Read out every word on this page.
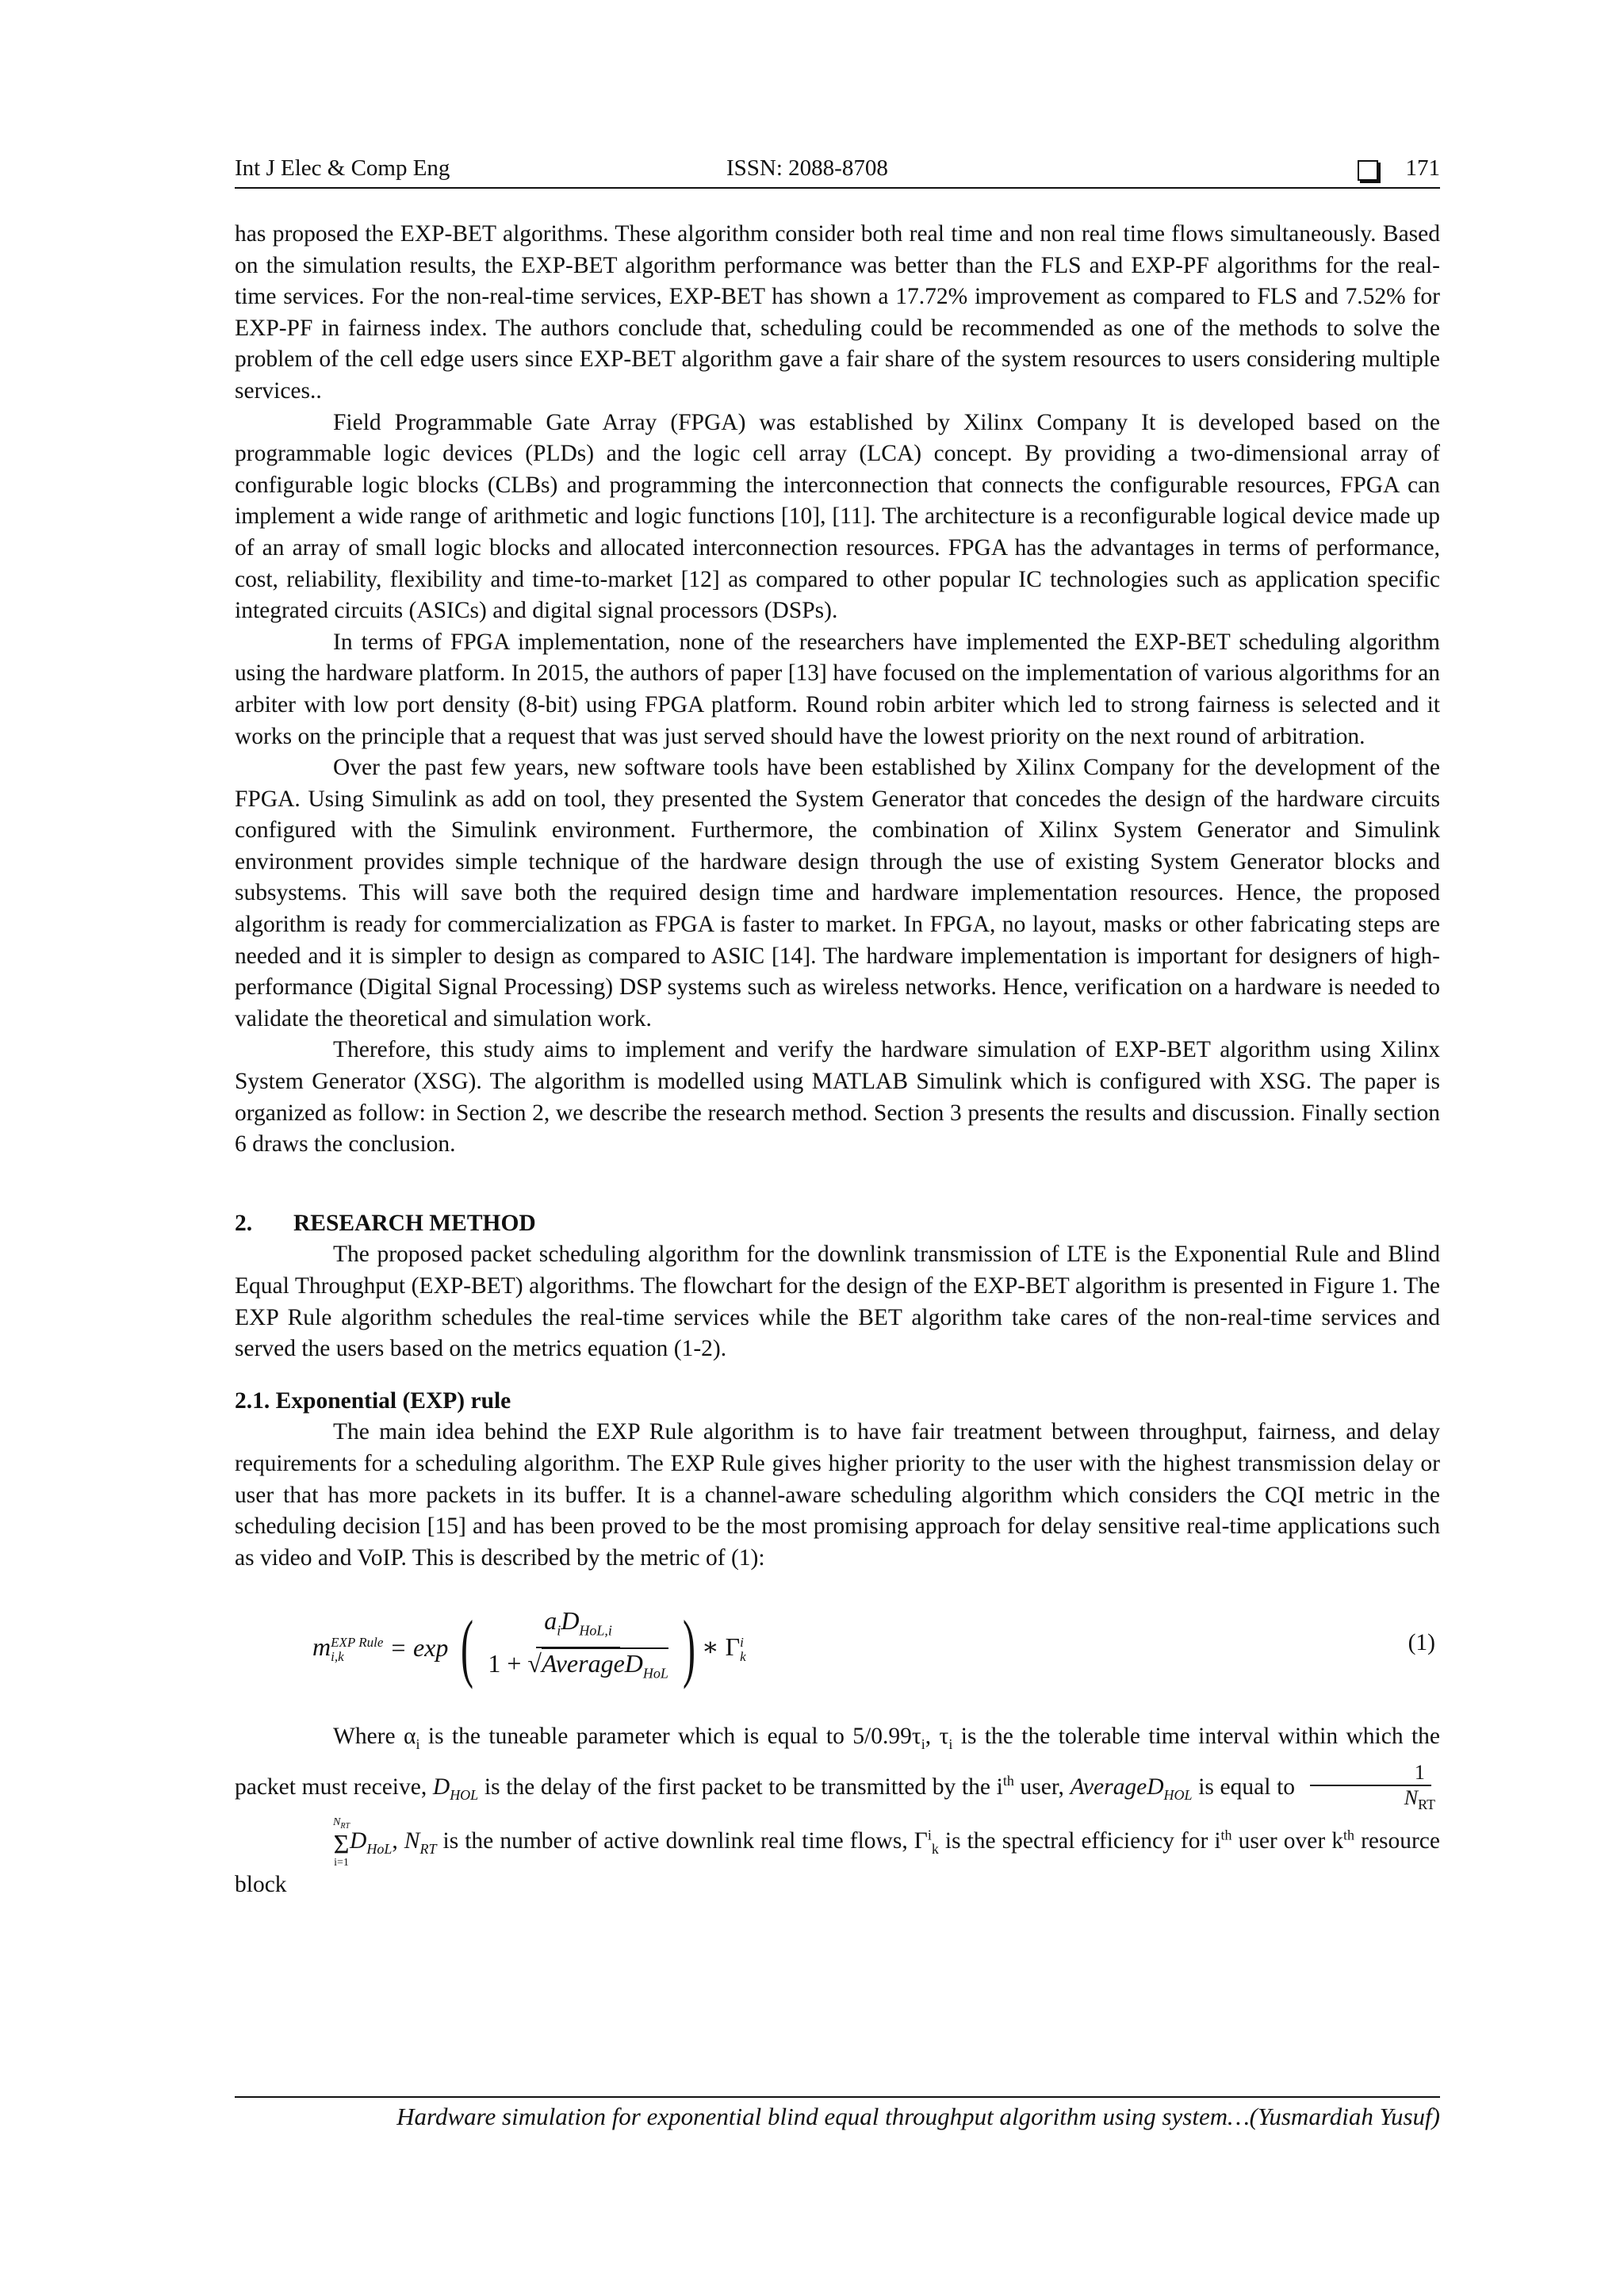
Int J Elec & Comp Eng	ISSN: 2088-8708	171

has proposed the EXP-BET algorithms. These algorithm consider both real time and non real time flows simultaneously. Based on the simulation results, the EXP-BET algorithm performance was better than the FLS and EXP-PF algorithms for the real-time services. For the non-real-time services, EXP-BET has shown a 17.72% improvement as compared to FLS and 7.52% for EXP-PF in fairness index. The authors conclude that, scheduling could be recommended as one of the methods to solve the problem of the cell edge users since EXP-BET algorithm gave a fair share of the system resources to users considering multiple services..

Field Programmable Gate Array (FPGA) was established by Xilinx Company It is developed based on the programmable logic devices (PLDs) and the logic cell array (LCA) concept. By providing a two-dimensional array of configurable logic blocks (CLBs) and programming the interconnection that connects the configurable resources, FPGA can implement a wide range of arithmetic and logic functions [10], [11]. The architecture is a reconfigurable logical device made up of an array of small logic blocks and allocated interconnection resources. FPGA has the advantages in terms of performance, cost, reliability, flexibility and time-to-market [12] as compared to other popular IC technologies such as application specific integrated circuits (ASICs) and digital signal processors (DSPs).

In terms of FPGA implementation, none of the researchers have implemented the EXP-BET scheduling algorithm using the hardware platform. In 2015, the authors of paper [13] have focused on the implementation of various algorithms for an arbiter with low port density (8-bit) using FPGA platform. Round robin arbiter which led to strong fairness is selected and it works on the principle that a request that was just served should have the lowest priority on the next round of arbitration.

Over the past few years, new software tools have been established by Xilinx Company for the development of the FPGA. Using Simulink as add on tool, they presented the System Generator that concedes the design of the hardware circuits configured with the Simulink environment. Furthermore, the combination of Xilinx System Generator and Simulink environment provides simple technique of the hardware design through the use of existing System Generator blocks and subsystems. This will save both the required design time and hardware implementation resources. Hence, the proposed algorithm is ready for commercialization as FPGA is faster to market. In FPGA, no layout, masks or other fabricating steps are needed and it is simpler to design as compared to ASIC [14]. The hardware implementation is important for designers of high-performance (Digital Signal Processing) DSP systems such as wireless networks. Hence, verification on a hardware is needed to validate the theoretical and simulation work.

Therefore, this study aims to implement and verify the hardware simulation of EXP-BET algorithm using Xilinx System Generator (XSG). The algorithm is modelled using MATLAB Simulink which is configured with XSG. The paper is organized as follow: in Section 2, we describe the research method. Section 3 presents the results and discussion. Finally section 6 draws the conclusion.

2. RESEARCH METHOD

The proposed packet scheduling algorithm for the downlink transmission of LTE is the Exponential Rule and Blind Equal Throughput (EXP-BET) algorithms. The flowchart for the design of the EXP-BET algorithm is presented in Figure 1. The EXP Rule algorithm schedules the real-time services while the BET algorithm take cares of the non-real-time services and served the users based on the metrics equation (1-2).

2.1. Exponential (EXP) rule

The main idea behind the EXP Rule algorithm is to have fair treatment between throughput, fairness, and delay requirements for a scheduling algorithm. The EXP Rule gives higher priority to the user with the highest transmission delay or user that has more packets in its buffer. It is a channel-aware scheduling algorithm which considers the CQI metric in the scheduling decision [15] and has been proved to be the most promising approach for delay sensitive real-time applications such as video and VoIP. This is described by the metric of (1):

m EXP Rule
i,k	= exp ( $\frac{a_iD_{HoL,i}}{1 + √AverageD_{HoL}}$ ) ∗ Γ i
k
(1)

Where $\alpha_i$ is the tuneable parameter which is equal to $5/0.99\tau_i$, $\tau_i$ is the the tolerable time interval within which the packet must receive, $D_{HOL}$ is the delay of the first packet to be transmitted by the $i^{th}$ user, AverageD$_{HOL}$ is equal to
1
$N_{RT}$
$N_{RT}$
Σ
i=1
$D_{HoL}$, $N_{RT}$ is the number of active downlink real time flows, $\Gamma^i_k$ is the spectral efficiency for $i^{th}$ user over $k^{th}$ resource block

Hardware simulation for exponential blind equal throughput algorithm using system…(Yusmardiah Yusuf)
